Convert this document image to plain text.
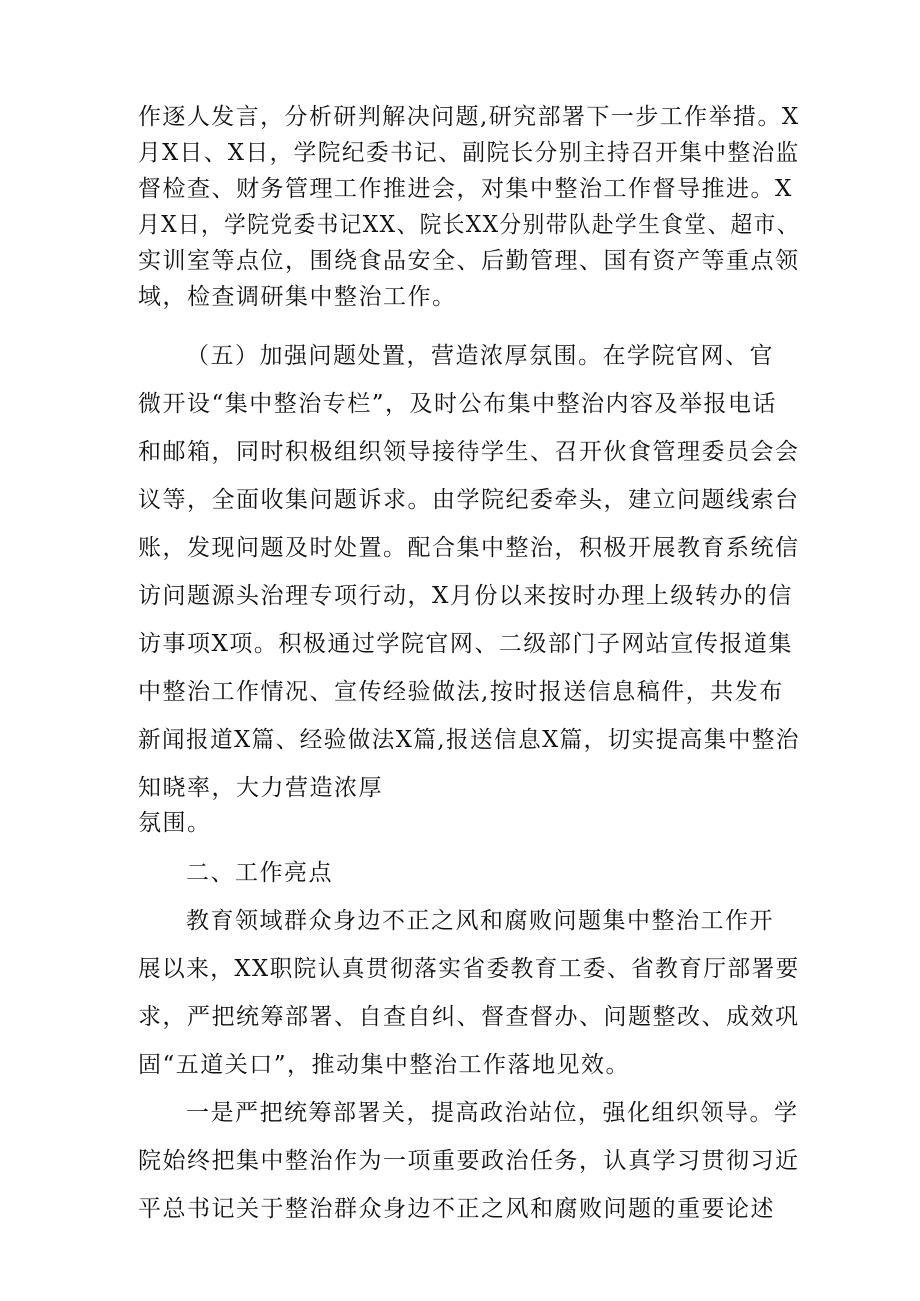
作逐人发言，分析研判解决问题,研究部署下一步工作举措。X
月X日、X日，学院纪委书记、副院长分别主持召开集中整治监
督检查、财务管理工作推进会，对集中整治工作督导推进。X
月X日，学院党委书记XX、院长XX分别带队赴学生食堂、超市、
实训室等点位，围绕食品安全、后勤管理、国有资产等重点领
域，检查调研集中整治工作。
（五）加强问题处置，营造浓厚氛围。在学院官网、官
微开设“集中整治专栏”，及时公布集中整治内容及举报电话
和邮箱，同时积极组织领导接待学生、召开伙食管理委员会会
议等，全面收集问题诉求。由学院纪委牵头，建立问题线索台
账，发现问题及时处置。配合集中整治，积极开展教育系统信
访问题源头治理专项行动，X月份以来按时办理上级转办的信
访事项X项。积极通过学院官网、二级部门子网站宣传报道集
中整治工作情况、宣传经验做法,按时报送信息稿件，共发布
新闻报道X篇、经验做法X篇,报送信息X篇，切实提高集中整治
知晓率，大力营造浓厚
氛围。
二、工作亮点
教育领域群众身边不正之风和腐败问题集中整治工作开
展以来，XX职院认真贯彻落实省委教育工委、省教育厅部署要
求，严把统筹部署、自查自纠、督查督办、问题整改、成效巩
固“五道关口”，推动集中整治工作落地见效。
一是严把统筹部署关，提高政治站位，强化组织领导。学
院始终把集中整治作为一项重要政治任务，认真学习贯彻习近
平总书记关于整治群众身边不正之风和腐败问题的重要论述
